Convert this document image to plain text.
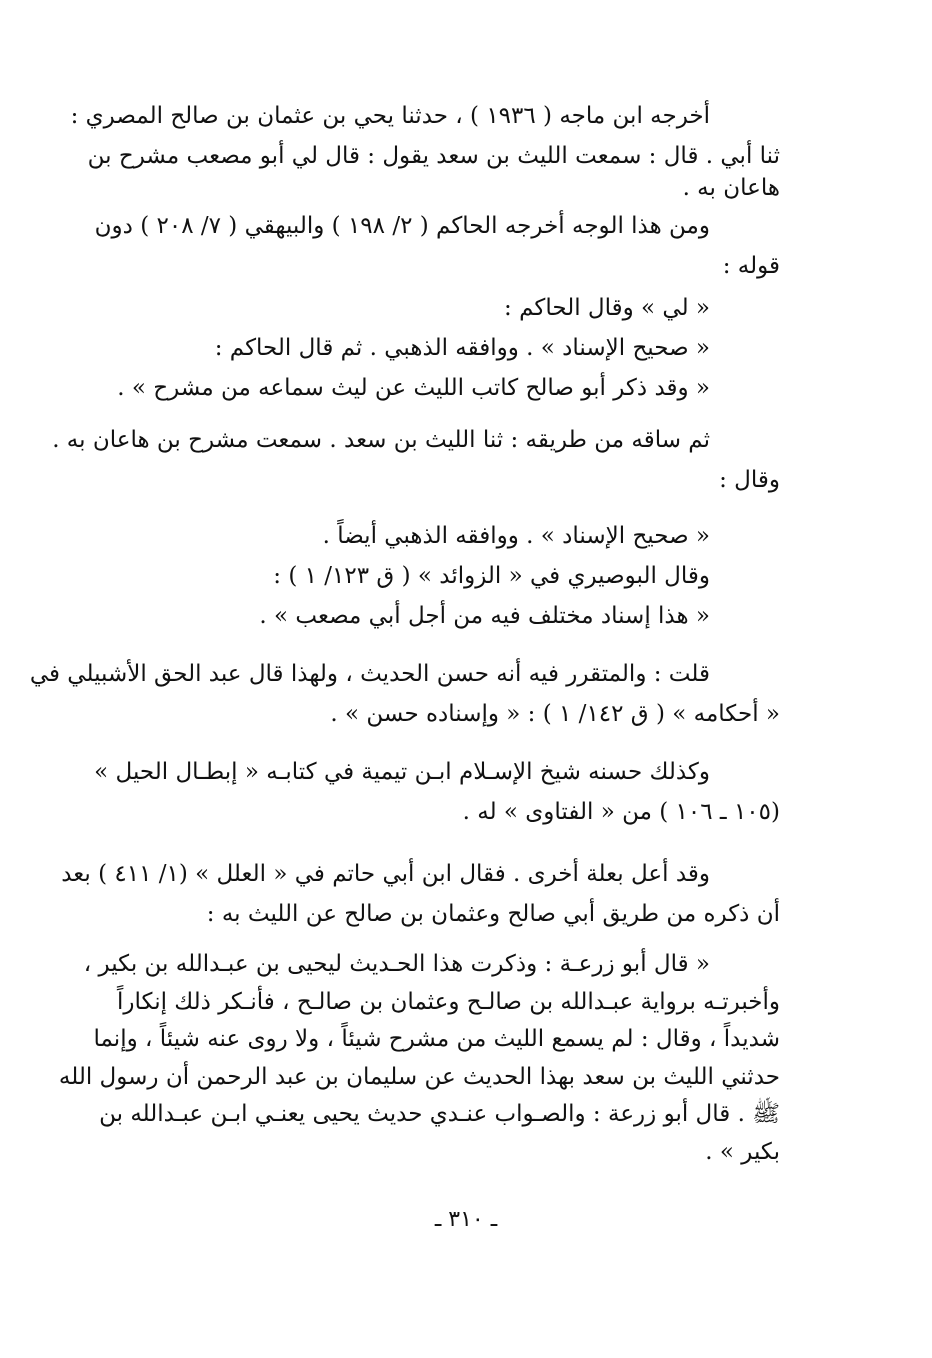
أخرجه ابن ماجه ( ١٩٣٦ ) ، حدثنا يحي بن عثمان بن صالح المصري :
ثنا أبي . قال : سمعت الليث بن سعد يقول : قال لي أبو مصعب مشرح بن
هاعان به .
ومن هذا الوجه أخرجه الحاكم ( ٢/ ١٩٨ ) والبيهقي ( ٧/ ٢٠٨ ) دون
قوله :
« لي » وقال الحاكم :
« صحيح الإسناد » . ووافقه الذهبي . ثم قال الحاكم :
« وقد ذكر أبو صالح كاتب الليث عن ليث سماعه من مشرح » .
ثم ساقه من طريقه : ثنا الليث بن سعد . سمعت مشرح بن هاعان به .
وقال :
« صحيح الإسناد » . ووافقه الذهبي أيضاً .
وقال البوصيري في « الزوائد » ( ق ١٢٣/ ١ ) :
« هذا إسناد مختلف فيه من أجل أبي مصعب » .
قلت : والمتقرر فيه أنه حسن الحديث ، ولهذا قال عبد الحق الأشبيلي في
« أحكامه » ( ق ١٤٢/ ١ ) : « وإسناده حسن » .
وكذلك حسنه شيخ الإسـلام ابـن تيمية في كتابـه « إبطـال الحيل »
(١٠٥ ـ ١٠٦ ) من « الفتاوى » له .
وقد أعل بعلة أخرى . فقال ابن أبي حاتم في « العلل » (١/ ٤١١ ) بعد
أن ذكره من طريق أبي صالح وعثمان بن صالح عن الليث به :
« قال أبو زرعـة : وذكرت هذا الحـديث ليحيى بن عبـدالله بن بكير ،
وأخبرتـه برواية عبـدالله بن صالـح وعثمان بن صالـح ، فأنـكر ذلك إنكاراً
شديداً ، وقال : لم يسمع الليث من مشرح شيئاً ، ولا روى عنه شيئاً ، وإنما
حدثني الليث بن سعد بهذا الحديث عن سليمان بن عبد الرحمن أن رسول الله
ﷺ . قال أبو زرعة : والصـواب عنـدي حديث يحيى يعنـي ابـن عبـدالله بن
بكير » .
ـ ٣١٠ ـ
